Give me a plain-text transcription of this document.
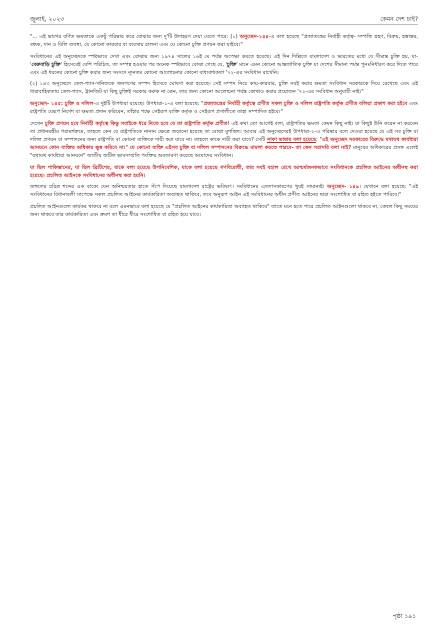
জুলাই, ২০২৩	কেমন দেশ চাই?

"... এই ভাগের বর্ণিত ক্ষমতাকে একটু পরিষ্কার করে বোঝার জন্য দু'টি উদাহরণ দেয়া যেতে পারে: (১) অনুচ্ছেদ-১৪৪-এ বলা হয়েছে "প্রজাতন্ত্রের নির্বাহী কর্তৃত্ব- সম্পত্তি গ্রহণ, বিক্রয়, হস্তান্তর, বন্ধক, দান ও বিলি ব্যবস্থা, যে কোনো কারবার বা ব্যবসায় চালনা এবং যে কোনো চুক্তি প্রণয়ন করা যাইবে।"

সংবিধানের এই অনুচ্ছেদকে স্পষ্টভাবে দেখা এবং বোঝার জন্য ১৯৭৪ সালের ১৬ই মে পর্যন্ত অপেক্ষা করতে হয়েছে। এই দিন দিল্লিতে বাংলাদেশ ও ভারতের মধ্যে যে সীমান্ত চুক্তি হয়, যা- 'বেরুবাড়ি চুক্তি' হিসেবেই বেশি পরিচিত, তা সম্পন্ন হওয়ার পর অনেক স্পষ্টভাবে বোঝা গেছে যে, 'চুক্তি' মানে এমন কোনো আন্তর্জাতিক চুক্তি যা দেশের সীমানা পর্যন্ত পুনঃনির্ধারণ করে দিতে পারে এবং এই ধরনের কোনো চুক্তি করার জন্য সংসদে ন্যূনতম কোনো আলোচনার কোনো বাধ্যবাধকতা '৭২-এর সংবিধান রাখেনি।

(২) ১৪৩ অনুচ্ছেদে তেল-গ্যাস-খনিজকে জনগণের সম্পদ হিসেবে ঘোষণা করা হয়েছে। সেই সম্পদ নিয়ে কায়-কারবার, চুক্তি সবই করার ক্ষমতা সংবিধান সরকারকে দিয়ে রেখেছে এবং এই ধারাবাহিকতায় তেল-গ্যাস, ট্রানজিট যা কিছু চুক্তিই সরকার করুক না কেন, তার জন্য কোনো আলোচনা পর্যন্ত কোথাও করার প্রয়োজন '৭২-এর সংবিধান অনুযায়ী নাই।"

অনুচ্ছেদ- ১৪৫: চুক্তি ও দলিল-এ দুইটি উপধারা রয়েছে। উপধারা-১-এ বলা হয়েছে: "প্রজাতন্ত্রের নির্বাহী কর্তৃত্বে প্রণীত সকল চুক্তি ও দলিল রাষ্ট্রপতি কর্তৃক প্রণীত বলিয়া প্রকাশ করা হইবে এবং রাষ্ট্রপতি যেরূপ নির্দেশ বা ক্ষমতা প্রদান করিবেন, তাঁহার পক্ষে সেইরূপ ব্যক্তি কর্তৃক ও সেইরূপ প্রণালীতে তাহা সম্পাদিত হইবে।"

দেখেন চুক্তি প্রণয়ন হবে নির্বাহী কর্তৃত্বে কিন্তু সবাইকে ধরে নিতে হবে যে তা রাষ্ট্রপতি কর্তৃক প্রণীত! এই কথা তো আগেই বলা, রাষ্ট্রপতির ক্ষমতা কেমন কিছু নাই। যা কিছুই উনি করেন না করবেন তা প্রধানমন্ত্রীর পরামর্শক্রমে, তাহলে কেন যে রাষ্ট্রপতিকে নানান ক্ষেত্রে জড়ানো হয়েছে তা বোঝা মুশকিল। আবার এই অনুচ্ছেদেরই উপধারা-২-এ পরিষ্কার বলে দেওয়া হয়েছে যে এই সব চুক্তি বা দলিল প্রণয়ন বা সম্পাদনের জন্য রাষ্ট্রপতি বা কোনো ব্যক্তিকে দায়ী করা যাবে না। তাহলে কাকে দায়ী করা যাবে? সেটি সাফা ভাষায় বলা হয়েছে: "এই অনুচ্ছেদ সরকারের বিরুদ্ধে যথাযথ কার্যধারা আনয়নে কোন ব্যক্তির অধিকার ক্ষুন্ন করিবে না।" যে কোনো ব্যক্তি এইসব চুক্তি বা দলিল সম্পাদনের বিরুদ্ধে মামলা করতে পারবে- তা কেন সরাসরি বলা নাই? মানুষের অধিকারের প্রসঙ্গ এলেই "যথাযথ কার্যধারা আনয়নে" জাতীয় জটিল ভাবসম্প্রতি পংক্তির অবতারণা করেছে আমাদের সংবিধান।

যা ছিল পাকিস্তানের, যা ছিল ব্রিটিশের, যাকে বলা হয়েছে উপনিবেশিক, যাকে বলা হয়েছে গণবিরোধী, তার সবই বহাল রেখে আশ্চর্যজনকভাবে সংবিধানকে প্রচলিত আইনের অধীনস্থ করা হয়েছে। প্রচলিত আইনকে সংবিধানের অধীনস্থ করা হয়নি।

জঙ্গলের চরিত্র শব্দের এক বাক্যে যেন অনিশ্চয়তার হাতে সঁপে দিয়েছে বাংলাদেশ রাষ্ট্রের ভবিষ্যৎ। সংবিধানের এতদাসকারণের খুবই সামান্যই। অনুচ্ছেদ- ১৪৯। যেখানে বলা হয়েছে: "এই সংবিধানের বিধানাবলী সাপেক্ষে সকল প্রচলিত আইনের কার্যকারিতা অব্যাহত থাকিবে, তবে অনুরূপ আইন এই সংবিধানের অধীন প্রণীত আইনের দ্বারা সংশোধিত বা রহিত হইতে পারিবে।"

প্রচলিত আইনগুলো কার্যকর থাকবে না বলে এমনভাবে বলা হয়েছে যে "প্রচলিত আইনের কার্যকারিতা অব্যাহত থাকিবে" তাতে মনে হতে পারে প্রচলিত আইনগুলো থাকবে না, কেবল কিছু সময়ের জন্য থাকবে তার কার্যকারিতা এবং ক্রমশ তা ধীরে ধীরে সংশোধিত বা রহিত হয়ে যাবে।

পৃষ্ঠা ১৯১
